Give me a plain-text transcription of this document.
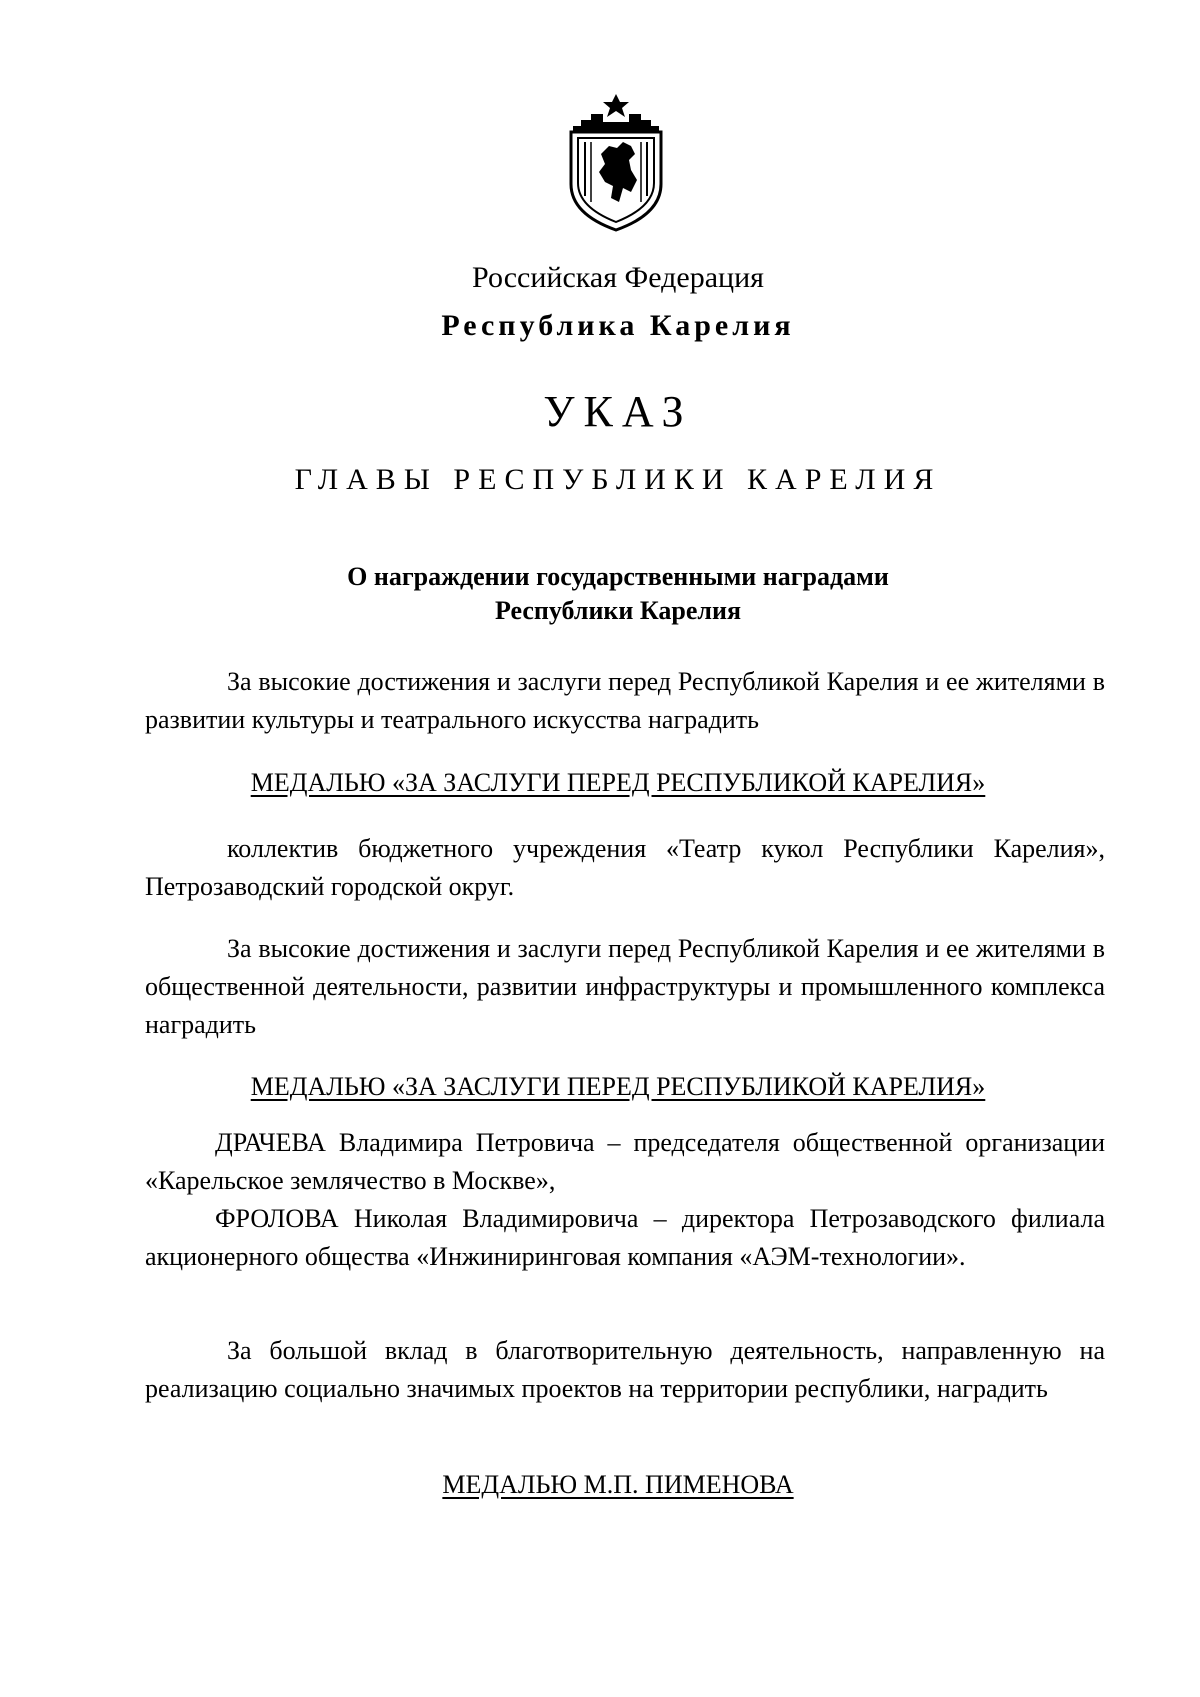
Российская Федерация
Республика Карелия
УКАЗ
ГЛАВЫ РЕСПУБЛИКИ КАРЕЛИЯ
О награждении государственными наградами
Республики Карелия

За высокие достижения и заслуги перед Республикой Карелия и ее жителями в развитии культуры и театрального искусства наградить

МЕДАЛЬЮ «ЗА ЗАСЛУГИ ПЕРЕД РЕСПУБЛИКОЙ КАРЕЛИЯ»

коллектив бюджетного учреждения «Театр кукол Республики Карелия», Петрозаводский городской округ.

За высокие достижения и заслуги перед Республикой Карелия и ее жителями в общественной деятельности, развитии инфраструктуры и промышленного комплекса наградить

МЕДАЛЬЮ «ЗА ЗАСЛУГИ ПЕРЕД РЕСПУБЛИКОЙ КАРЕЛИЯ»

ДРАЧЕВА Владимира Петровича – председателя общественной организации «Карельское землячество в Москве»,

ФРОЛОВА Николая Владимировича – директора Петрозаводского филиала акционерного общества «Инжиниринговая компания «АЭМ-технологии».

За большой вклад в благотворительную деятельность, направленную на реализацию социально значимых проектов на территории республики, наградить

МЕДАЛЬЮ М.П. ПИМЕНОВА
